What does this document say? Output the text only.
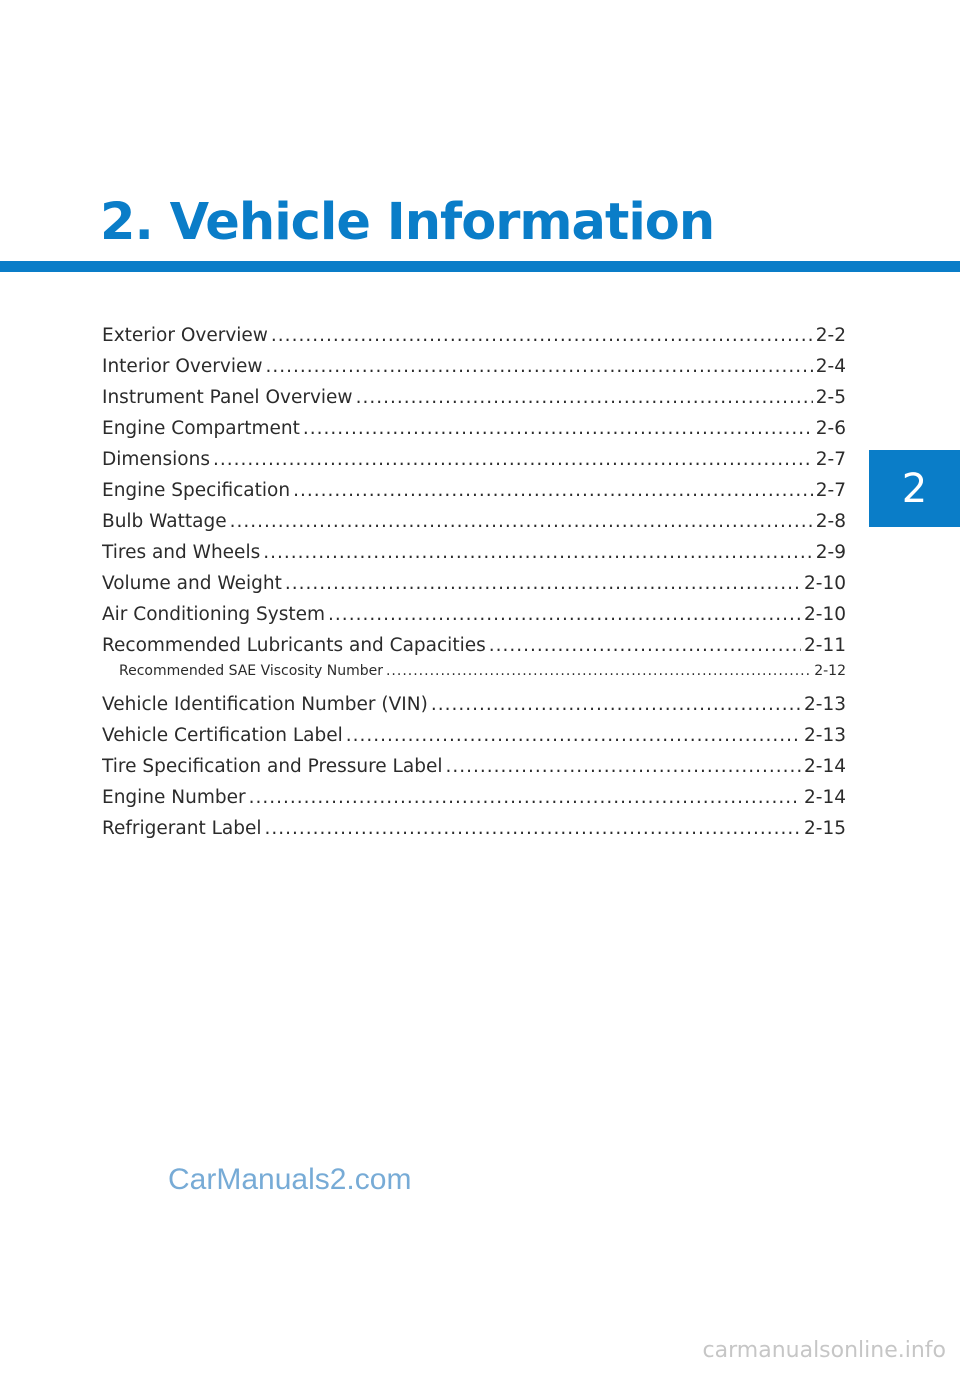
2. Vehicle Information
Exterior Overview .....	2-2
Interior Overview .....	2-4
Instrument Panel Overview .....	2-5
Engine Compartment .....	2-6
Dimensions .....	2-7
Engine Specification .....	2-7
Bulb Wattage .....	2-8
Tires and Wheels .....	2-9
Volume and Weight .....	2-10
Air Conditioning System .....	2-10
Recommended Lubricants and Capacities .....	2-11
Recommended SAE Viscosity Number .....	2-12
Vehicle Identification Number (VIN) .....	2-13
Vehicle Certification Label .....	2-13
Tire Specification and Pressure Label .....	2-14
Engine Number .....	2-14
Refrigerant Label .....	2-15
2
CarManuals2.com
carmanualsonline.info
